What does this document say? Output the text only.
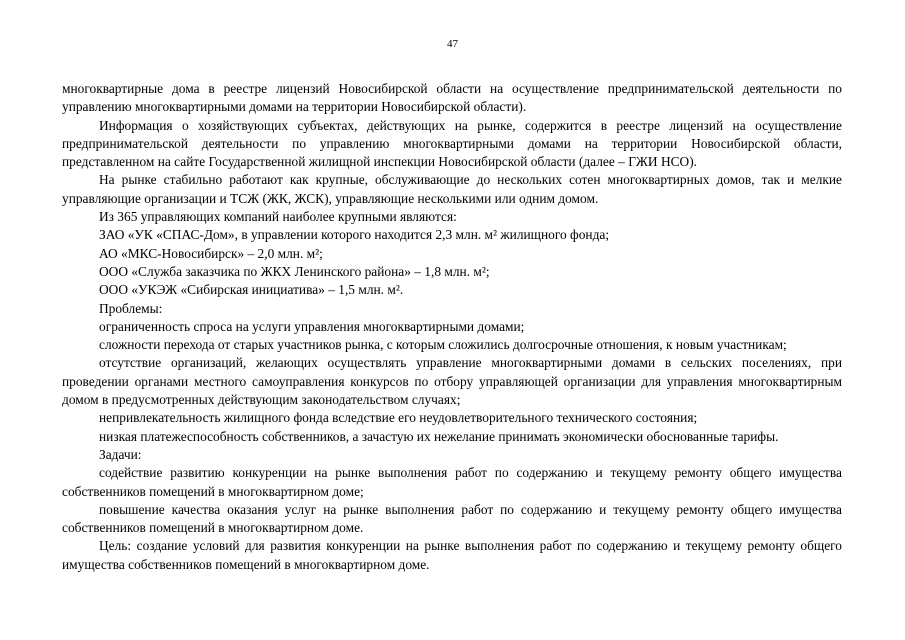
47

многоквартирные дома в реестре лицензий Новосибирской области на осуществление предпринимательской деятельности по управлению многоквартирными домами на территории Новосибирской области).

Информация о хозяйствующих субъектах, действующих на рынке, содержится в реестре лицензий на осуществление предпринимательской деятельности по управлению многоквартирными домами на территории Новосибирской области, представленном на сайте Государственной жилищной инспекции Новосибирской области (далее – ГЖИ НСО).

На рынке стабильно работают как крупные, обслуживающие до нескольких сотен многоквартирных домов, так и мелкие управляющие организации и ТСЖ (ЖК, ЖСК), управляющие несколькими или одним домом.

Из 365 управляющих компаний наиболее крупными являются:

ЗАО «УК «СПАС-Дом», в управлении которого находится 2,3 млн. м² жилищного фонда;

АО «МКС-Новосибирск» – 2,0 млн. м²;

ООО «Служба заказчика по ЖКХ Ленинского района» – 1,8 млн. м²;

ООО «УКЭЖ «Сибирская инициатива» – 1,5 млн. м².

Проблемы:

ограниченность спроса на услуги управления многоквартирными домами;

сложности перехода от старых участников рынка, с которым сложились долгосрочные отношения, к новым участникам;

отсутствие организаций, желающих осуществлять управление многоквартирными домами в сельских поселениях, при проведении органами местного самоуправления конкурсов по отбору управляющей организации для управления многоквартирным домом в предусмотренных действующим законодательством случаях;

непривлекательность жилищного фонда вследствие его неудовлетворительного технического состояния;

низкая платежеспособность собственников, а зачастую их нежелание принимать экономически обоснованные тарифы.

Задачи:

содействие развитию конкуренции на рынке выполнения работ по содержанию и текущему ремонту общего имущества собственников помещений в многоквартирном доме;

повышение качества оказания услуг на рынке выполнения работ по содержанию и текущему ремонту общего имущества собственников помещений в многоквартирном доме.

Цель: создание условий для развития конкуренции на рынке выполнения работ по содержанию и текущему ремонту общего имущества собственников помещений в многоквартирном доме.
